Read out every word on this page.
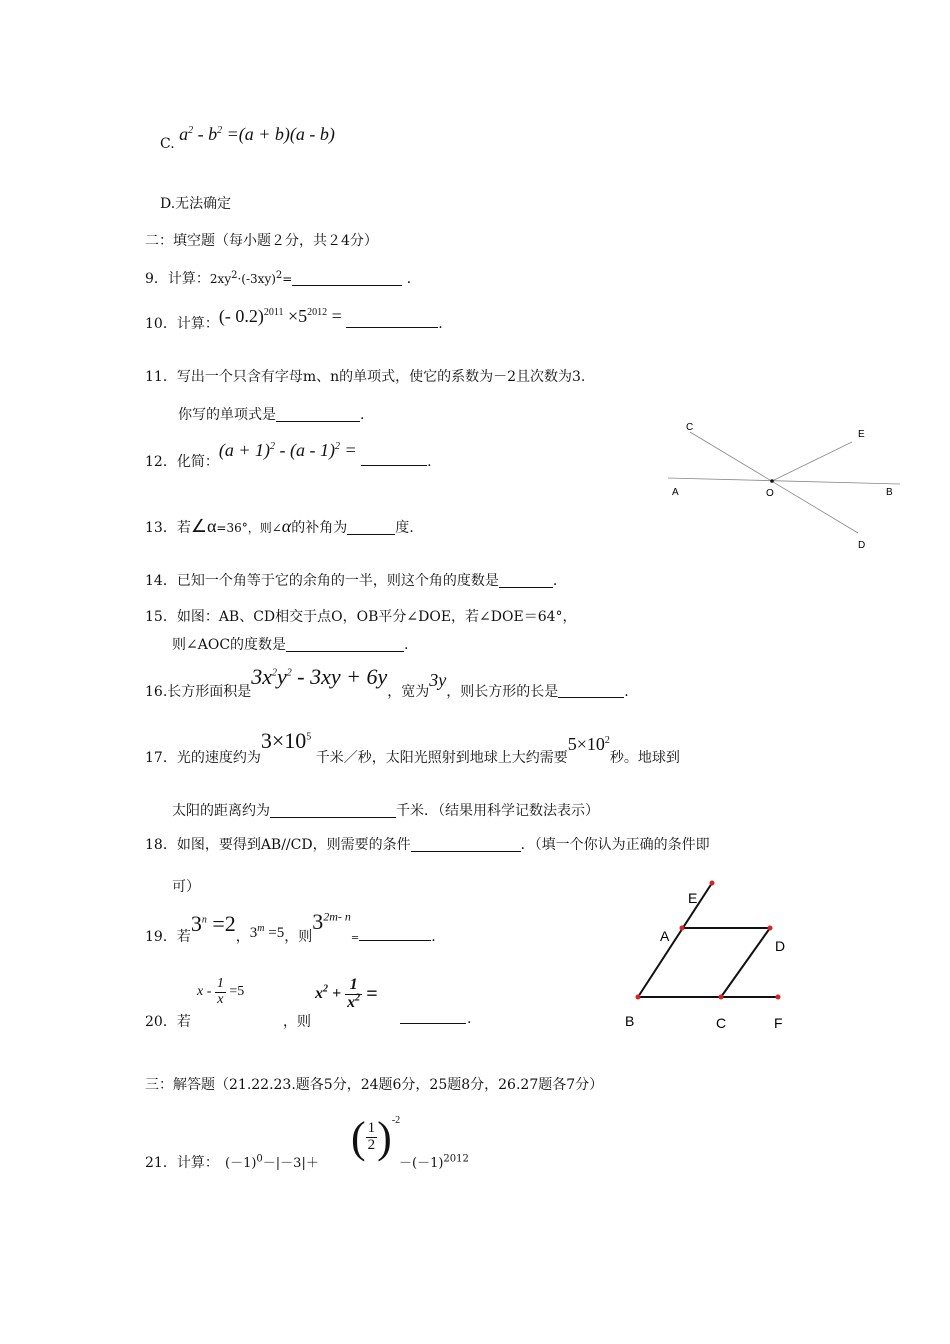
C. $a^2 - b^2 =(a + b)(a - b)$
D.无法确定
二：填空题（每小题２分，共２4分）
9．计算：$2xy^2\cdot(-3xy)^2=$	．
10．计算：(- $0.2)^{2011} \times 5^{2012}$ =	.
11．写出一个只含有字母m、n的单项式，使它的系数为－2且次数为3.
你写的单项式是	.
12．化简：$(a + 1)^2 - (a - 1)^2$ = .
C
E
A	O	B
D
13．若∠α=36°，则∠α的补角为	度.
14．已知一个角等于它的余角的一半，则这个角的度数是	.
15．如图：AB、CD相交于点O，OB平分∠DOE，若∠DOE＝64°，
则∠AOC的度数是	.
16.长方形面积是$3x^2y^2 - 3xy + 6y$，宽为3y，则长方形的长是	.
17．光的速度约为$3\times 10^5$ 千米／秒，太阳光照射到地球上大约需要$5\times 10^2$秒。地球到
太阳的距离约为	千米．（结果用科学记数法表示）
18．如图，要得到AB//CD，则需要的条件	．（填一个你认为正确的条件即
可）
E
A
D
B	C	F
19．若$3^n =2$，$3^m =5$，则$3^{2m- n}_=$	.
20．若
$x - \frac{1}{x} =5$
，则
$x^2 + \frac{1}{x^2}$ =
.
三：解答题（21.22.23.题各5分，24题6分，25题8分，26.27题各7分）
21．计算： $(-1)^0-|-3|+$
( $\frac{1}{2} )^{-2}$
$-(-1)^{2012}$
